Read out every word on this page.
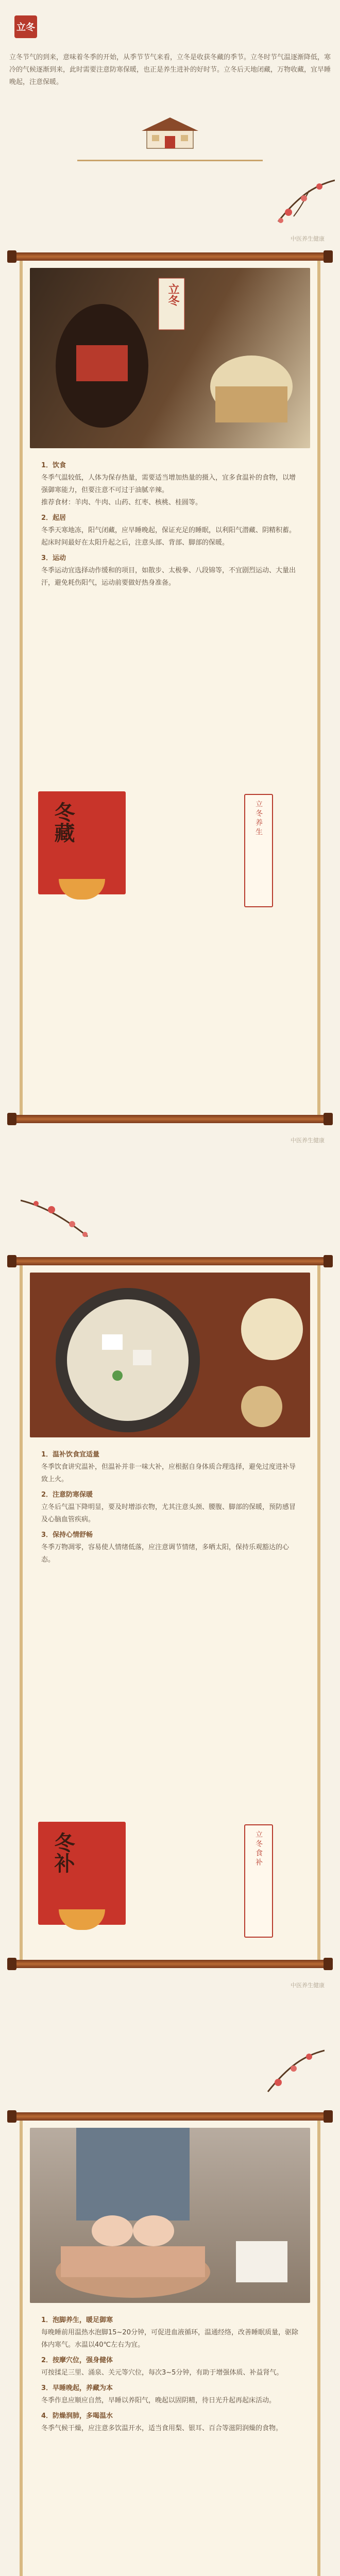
立冬
立冬节气的到来，意味着冬季的开始，从季节节气来看，立冬是收获冬藏的季节。立冬时节气温逐渐降低，寒冷的气候逐渐到来，此时需要注意防寒保暖，也正是养生进补的好时节。立冬后天地闭藏，万物收藏，宜早睡晚起，注意保暖。
中医养生健康
立冬
1．饮食
冬季气温较低，人体为保存热量，需要适当增加热量的摄入，宜多食温补的食物，以增强御寒能力，但要注意不可过于油腻辛辣。
推荐食材：羊肉、牛肉、山药、红枣、核桃、桂圆等。
2．起居
冬季天寒地冻，阳气闭藏，应早睡晚起，保证充足的睡眠，以利阳气潜藏、阴精积蓄。起床时间最好在太阳升起之后，注意头部、背部、脚部的保暖。
3．运动
冬季运动宜选择动作缓和的项目，如散步、太极拳、八段锦等，不宜剧烈运动、大量出汗，避免耗伤阳气，运动前要做好热身准备。
冬藏	立冬养生
中医养生健康
1．温补饮食宜适量
冬季饮食讲究温补，但温补并非一味大补，应根据自身体质合理选择，避免过度进补导致上火。
2．注意防寒保暖
立冬后气温下降明显，要及时增添衣物，尤其注意头颈、腰腹、脚部的保暖，预防感冒及心脑血管疾病。
3．保持心情舒畅
冬季万物凋零，容易使人情绪低落，应注意调节情绪，多晒太阳，保持乐观豁达的心态。
冬补	立冬食补
中医养生健康
1．泡脚养生，暖足御寒
每晚睡前用温热水泡脚15~20分钟，可促进血液循环，温通经络，改善睡眠质量，驱除体内寒气。水温以40℃左右为宜。
2．按摩穴位，强身健体
可按揉足三里、涌泉、关元等穴位，每次3~5分钟，有助于增强体质、补益肾气。
3．早睡晚起，养藏为本
冬季作息应顺应自然，早睡以养阳气，晚起以固阴精，待日光升起再起床活动。
4．防燥润肺，多喝温水
冬季气候干燥，应注意多饮温开水，适当食用梨、银耳、百合等滋阴润燥的食物。
